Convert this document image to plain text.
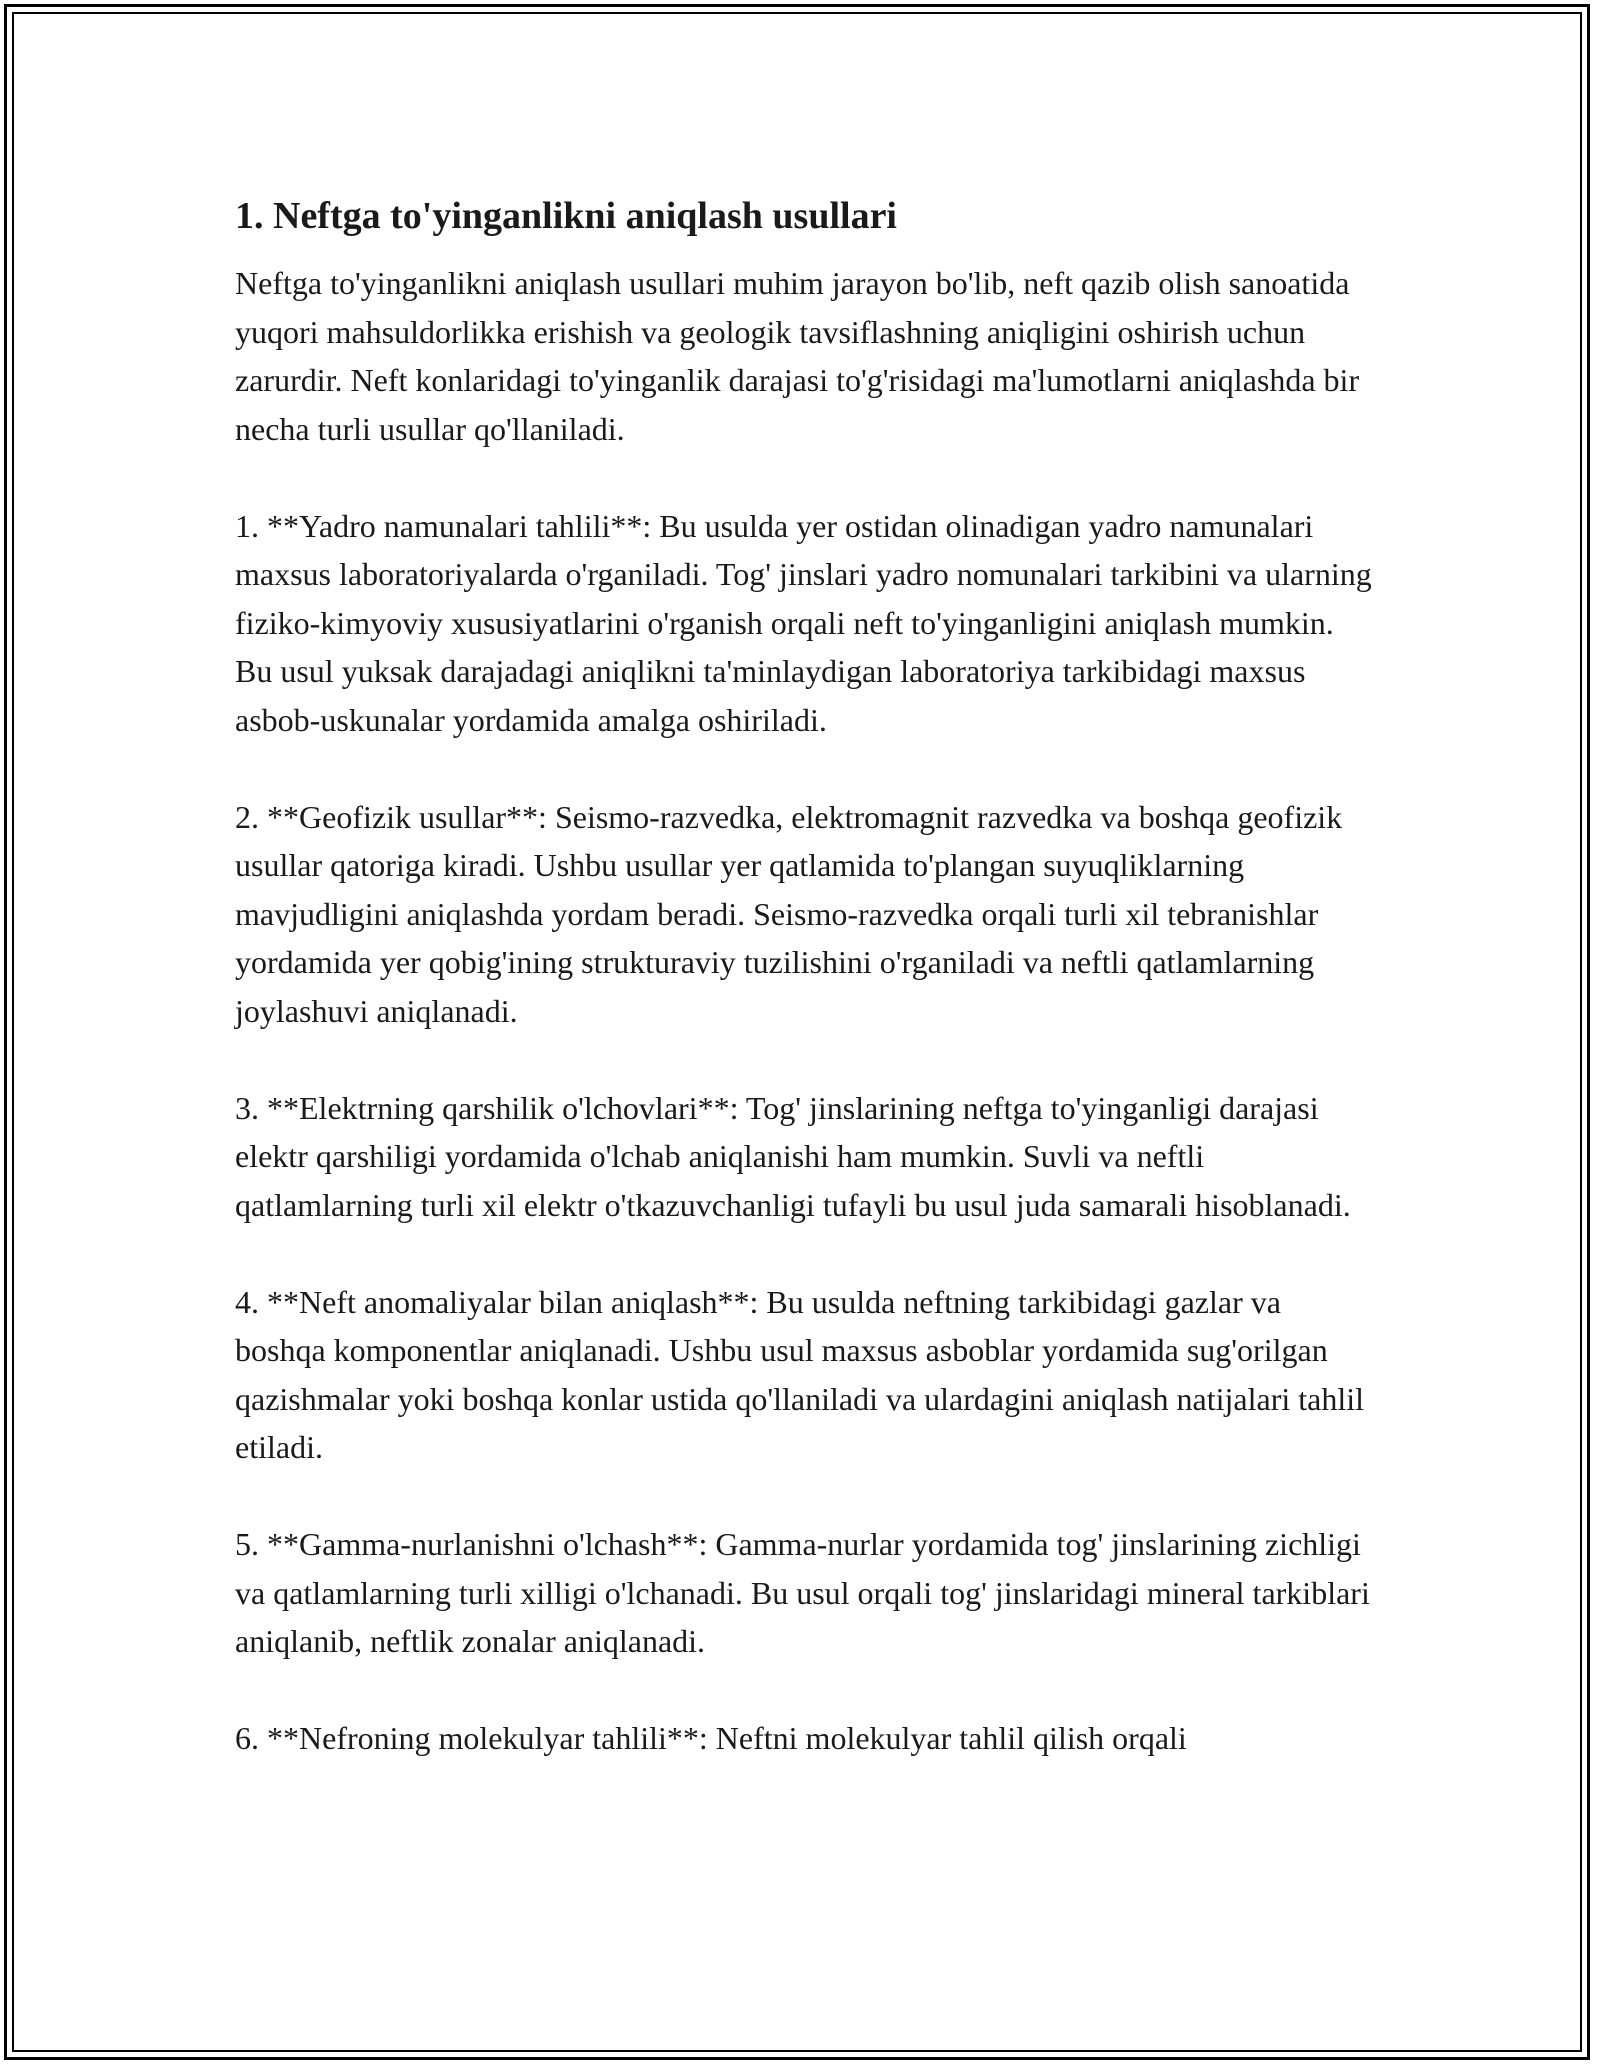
1. Neftga to'yinganlikni aniqlash usullari

Neftga to'yinganlikni aniqlash usullari muhim jarayon bo'lib, neft qazib olish sanoatida yuqori mahsuldorlikka erishish va geologik tavsiflashning aniqligini oshirish uchun zarurdir. Neft konlaridagi to'yinganlik darajasi to'g'risidagi ma'lumotlarni aniqlashda bir necha turli usullar qo'llaniladi.

1. **Yadro namunalari tahlili**: Bu usulda yer ostidan olinadigan yadro namunalari maxsus laboratoriyalarda o'rganiladi. Tog' jinslari yadro nomunalari tarkibini va ularning fiziko-kimyoviy xususiyatlarini o'rganish orqali neft to'yinganligini aniqlash mumkin. Bu usul yuksak darajadagi aniqlikni ta'minlaydigan laboratoriya tarkibidagi maxsus asbob-uskunalar yordamida amalga oshiriladi.

2. **Geofizik usullar**: Seismo-razvedka, elektromagnit razvedka va boshqa geofizik usullar qatoriga kiradi. Ushbu usullar yer qatlamida to'plangan suyuqliklarning mavjudligini aniqlashda yordam beradi. Seismo-razvedka orqali turli xil tebranishlar yordamida yer qobig'ining strukturaviy tuzilishini o'rganiladi va neftli qatlamlarning joylashuvi aniqlanadi.

3. **Elektrning qarshilik o'lchovlari**: Tog' jinslarining neftga to'yinganligi darajasi elektr qarshiligi yordamida o'lchab aniqlanishi ham mumkin. Suvli va neftli qatlamlarning turli xil elektr o'tkazuvchanligi tufayli bu usul juda samarali hisoblanadi.

4. **Neft anomaliyalar bilan aniqlash**: Bu usulda neftning tarkibidagi gazlar va boshqa komponentlar aniqlanadi. Ushbu usul maxsus asboblar yordamida sug'orilgan qazishmalar yoki boshqa konlar ustida qo'llaniladi va ulardagini aniqlash natijalari tahlil etiladi.

5. **Gamma-nurlanishni o'lchash**: Gamma-nurlar yordamida tog' jinslarining zichligi va qatlamlarning turli xilligi o'lchanadi. Bu usul orqali tog' jinslaridagi mineral tarkiblari aniqlanib, neftlik zonalar aniqlanadi.

6. **Nefroning molekulyar tahlili**: Neftni molekulyar tahlil qilish orqali
